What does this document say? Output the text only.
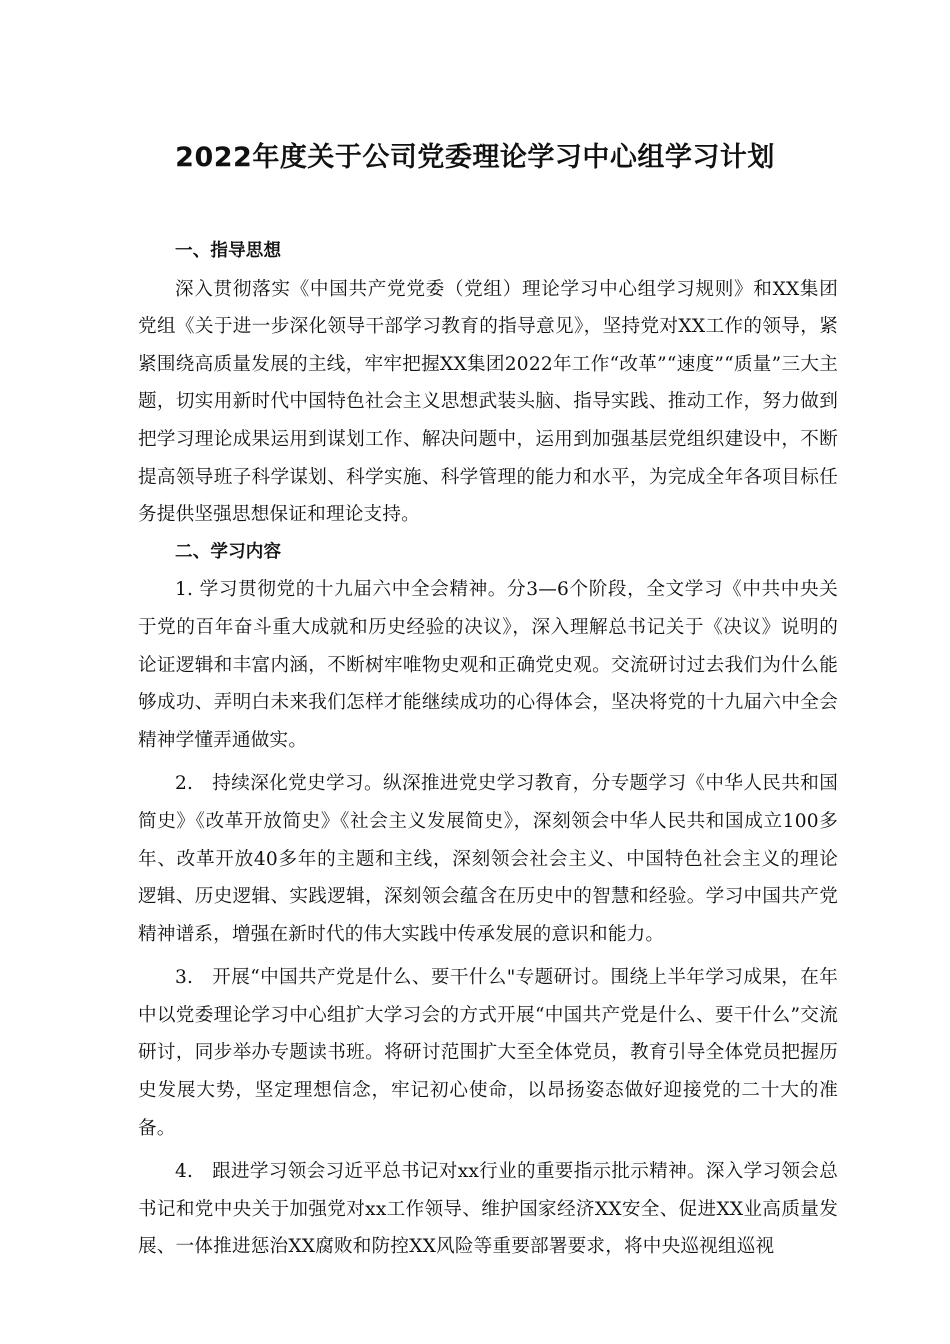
2022年度关于公司党委理论学习中心组学习计划

一、指导思想

深入贯彻落实《中国共产党党委（党组）理论学习中心组学习规则》和XX集团党组《关于进一步深化领导干部学习教育的指导意见》，坚持党对XX工作的领导，紧紧围绕高质量发展的主线，牢牢把握XX集团2022年工作“改革”“速度”“质量”三大主题，切实用新时代中国特色社会主义思想武装头脑、指导实践、推动工作，努力做到把学习理论成果运用到谋划工作、解决问题中，运用到加强基层党组织建设中，不断提高领导班子科学谋划、科学实施、科学管理的能力和水平，为完成全年各项目标任务提供坚强思想保证和理论支持。

二、学习内容

1. 学习贯彻党的十九届六中全会精神。分3—6个阶段，全文学习《中共中央关于党的百年奋斗重大成就和历史经验的决议》，深入理解总书记关于《决议》说明的论证逻辑和丰富内涵，不断树牢唯物史观和正确党史观。交流研讨过去我们为什么能够成功、弄明白未来我们怎样才能继续成功的心得体会，坚决将党的十九届六中全会精神学懂弄通做实。

2.　持续深化党史学习。纵深推进党史学习教育，分专题学习《中华人民共和国简史》《改革开放简史》《社会主义发展简史》，深刻领会中华人民共和国成立100多年、改革开放40多年的主题和主线，深刻领会社会主义、中国特色社会主义的理论逻辑、历史逻辑、实践逻辑，深刻领会蕴含在历史中的智慧和经验。学习中国共产党精神谱系，增强在新时代的伟大实践中传承发展的意识和能力。

3.　开展“中国共产党是什么、要干什么"专题研讨。围绕上半年学习成果，在年中以党委理论学习中心组扩大学习会的方式开展“中国共产党是什么、要干什么”交流研讨，同步举办专题读书班。将研讨范围扩大至全体党员，教育引导全体党员把握历史发展大势，坚定理想信念，牢记初心使命，以昂扬姿态做好迎接党的二十大的准备。

4.　跟进学习领会习近平总书记对xx行业的重要指示批示精神。深入学习领会总书记和党中央关于加强党对xx工作领导、维护国家经济XX安全、促进XX业高质量发展、一体推进惩治XX腐败和防控XX风险等重要部署要求，将中央巡视组巡视
